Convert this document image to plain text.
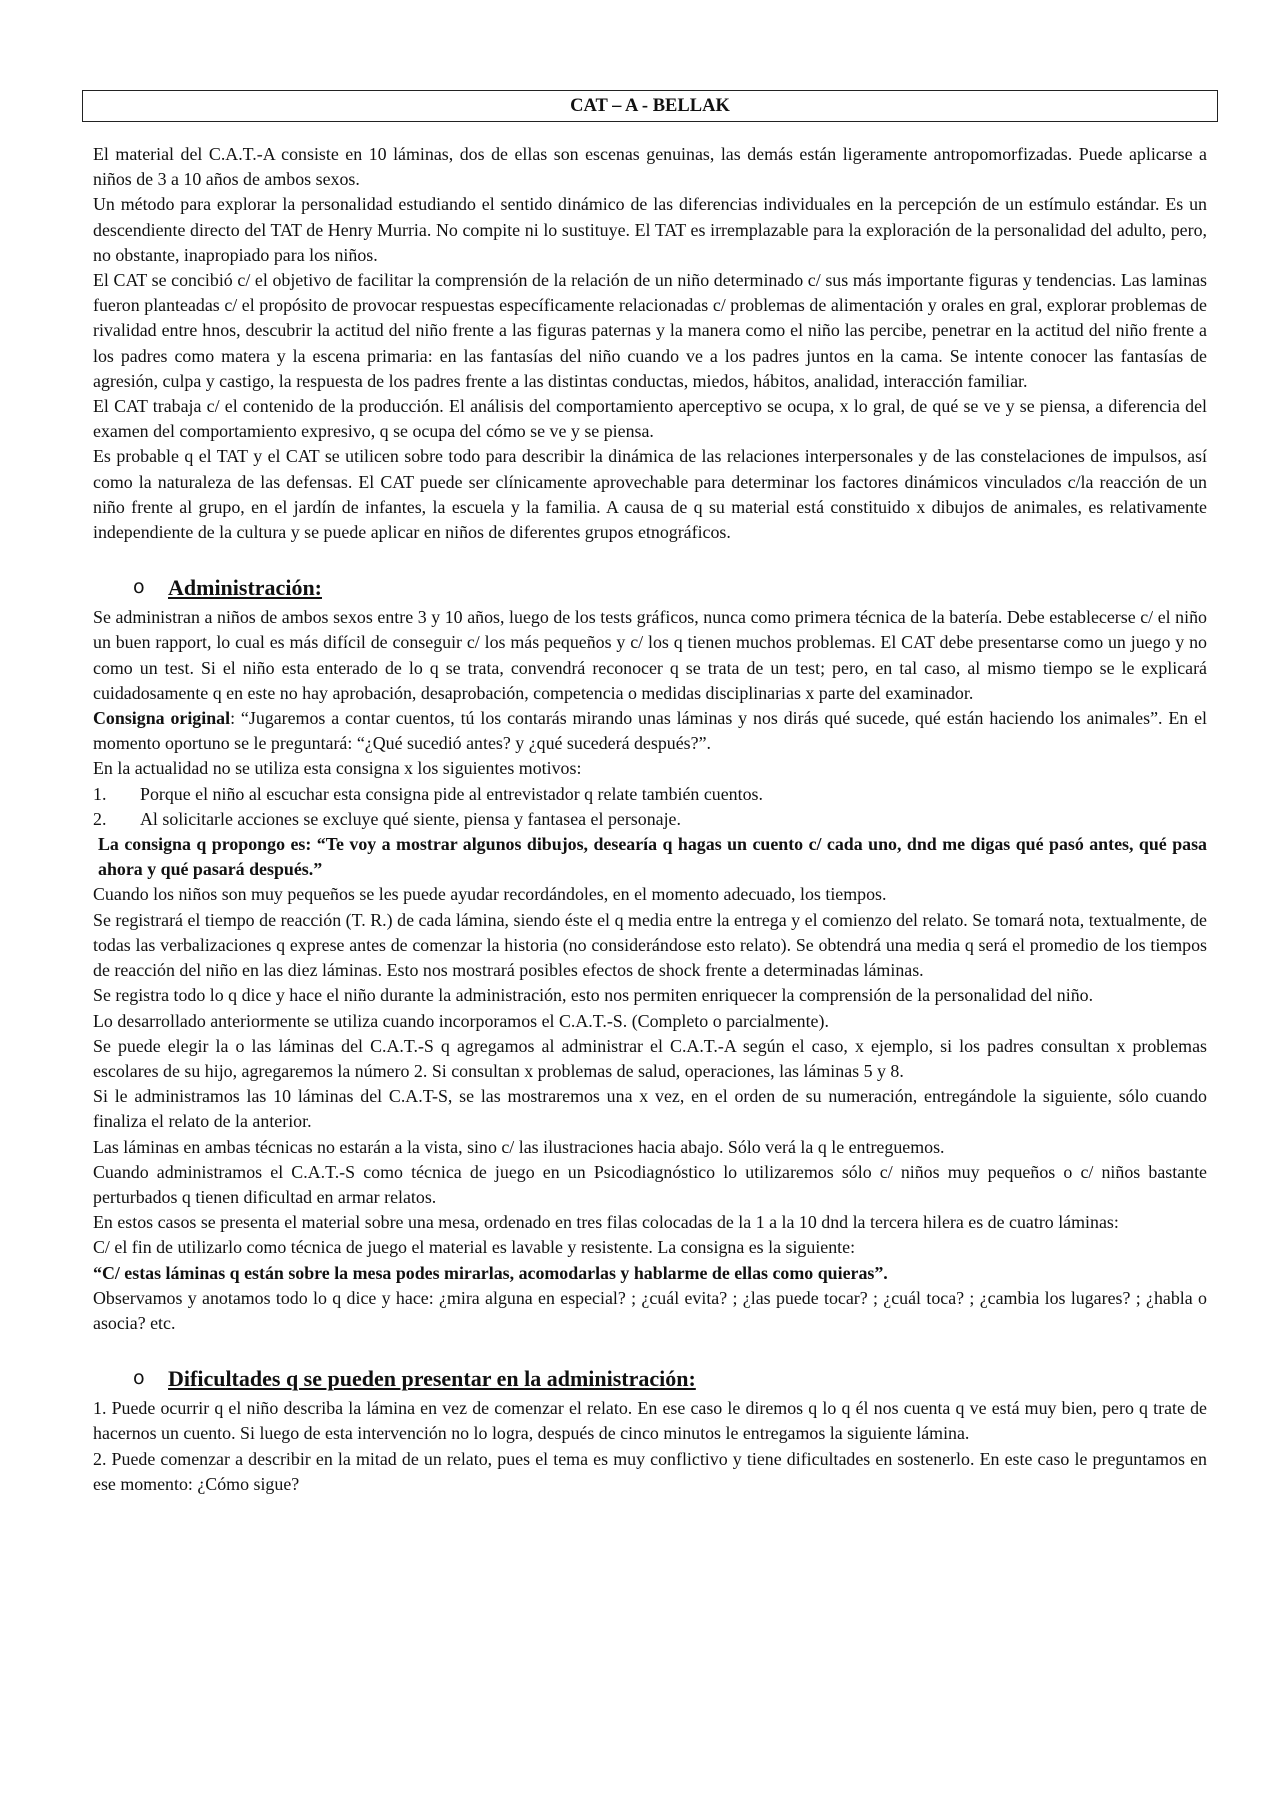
CAT – A - BELLAK

El material del C.A.T.-A consiste en 10 láminas, dos de ellas son escenas genuinas, las demás están ligeramente antropomorfizadas. Puede aplicarse a niños de 3 a 10 años de ambos sexos.

Un método para explorar la personalidad estudiando el sentido dinámico de las diferencias individuales en la percepción de un estímulo estándar. Es un descendiente directo del TAT de Henry Murria. No compite ni lo sustituye. El TAT es irremplazable para la exploración de la personalidad del adulto, pero, no obstante, inapropiado para los niños.

El CAT se concibió c/ el objetivo de facilitar la comprensión de la relación de un niño determinado c/ sus más importante figuras y tendencias. Las laminas fueron planteadas c/ el propósito de provocar respuestas específicamente relacionadas c/ problemas de alimentación y orales en gral, explorar problemas de rivalidad entre hnos, descubrir la actitud del niño frente a las figuras paternas y la manera como el niño las percibe, penetrar en la actitud del niño frente a los padres como matera y la escena primaria: en las fantasías del niño cuando ve a los padres juntos en la cama. Se intente conocer las fantasías de agresión, culpa y castigo, la respuesta de los padres frente a las distintas conductas, miedos, hábitos, analidad, interacción familiar.

El CAT trabaja c/ el contenido de la producción. El análisis del comportamiento aperceptivo se ocupa, x lo gral, de qué se ve y se piensa, a diferencia del examen del comportamiento expresivo, q se ocupa del cómo se ve y se piensa.

Es probable q el TAT y el CAT se utilicen sobre todo para describir la dinámica de las relaciones interpersonales y de las constelaciones de impulsos, así como la naturaleza de las defensas. El CAT puede ser clínicamente aprovechable para determinar los factores dinámicos vinculados c/la reacción de un niño frente al grupo, en el jardín de infantes, la escuela y la familia. A causa de q su material está constituido x dibujos de animales, es relativamente independiente de la cultura y se puede aplicar en niños de diferentes grupos etnográficos.

o Administración:

Se administran a niños de ambos sexos entre 3 y 10 años, luego de los tests gráficos, nunca como primera técnica de la batería. Debe establecerse c/ el niño un buen rapport, lo cual es más difícil de conseguir c/ los más pequeños y c/ los q tienen muchos problemas. El CAT debe presentarse como un juego y no como un test. Si el niño esta enterado de lo q se trata, convendrá reconocer q se trata de un test; pero, en tal caso, al mismo tiempo se le explicará cuidadosamente q en este no hay aprobación, desaprobación, competencia o medidas disciplinarias x parte del examinador.

Consigna original: “Jugaremos a contar cuentos, tú los contarás mirando unas láminas y nos dirás qué sucede, qué están haciendo los animales”. En el momento oportuno se le preguntará: “¿Qué sucedió antes? y ¿qué sucederá después?”.

En la actualidad no se utiliza esta consigna x los siguientes motivos:

1.	Porque el niño al escuchar esta consigna pide al entrevistador q relate también cuentos.
2.	Al solicitarle acciones se excluye qué siente, piensa y fantasea el personaje.

La consigna q propongo es: “Te voy a mostrar algunos dibujos, desearía q hagas un cuento c/ cada uno, dnd me digas qué pasó antes, qué pasa ahora y qué pasará después.”

Cuando los niños son muy pequeños se les puede ayudar recordándoles, en el momento adecuado, los tiempos.

Se registrará el tiempo de reacción (T. R.) de cada lámina, siendo éste el q media entre la entrega y el comienzo del relato. Se tomará nota, textualmente, de todas las verbalizaciones q exprese antes de comenzar la historia (no considerándose esto relato). Se obtendrá una media q será el promedio de los tiempos de reacción del niño en las diez láminas. Esto nos mostrará posibles efectos de shock frente a determinadas láminas.

Se registra todo lo q dice y hace el niño durante la administración, esto nos permiten enriquecer la comprensión de la personalidad del niño.

Lo desarrollado anteriormente se utiliza cuando incorporamos el C.A.T.-S. (Completo o parcialmente).

Se puede elegir la o las láminas del C.A.T.-S q agregamos al administrar el C.A.T.-A según el caso, x ejemplo, si los padres consultan x problemas escolares de su hijo, agregaremos la número 2. Si consultan x problemas de salud, operaciones, las láminas 5 y 8.

Si le administramos las 10 láminas del C.A.T-S, se las mostraremos una x vez, en el orden de su numeración, entregándole la siguiente, sólo cuando finaliza el relato de la anterior.

Las láminas en ambas técnicas no estarán a la vista, sino c/ las ilustraciones hacia abajo. Sólo verá la q le entreguemos.

Cuando administramos el C.A.T.-S como técnica de juego en un Psicodiagnóstico lo utilizaremos sólo c/ niños muy pequeños o c/ niños bastante perturbados q tienen dificultad en armar relatos.

En estos casos se presenta el material sobre una mesa, ordenado en tres filas colocadas de la 1 a la 10 dnd la tercera hilera es de cuatro láminas:

C/ el fin de utilizarlo como técnica de juego el material es lavable y resistente. La consigna es la siguiente:

“C/ estas láminas q están sobre la mesa podes mirarlas, acomodarlas y hablarme de ellas como quieras”.

Observamos y anotamos todo lo q dice y hace: ¿mira alguna en especial? ; ¿cuál evita? ; ¿las puede tocar? ; ¿cuál toca? ; ¿cambia los lugares? ; ¿habla o asocia? etc.

o Dificultades q se pueden presentar en la administración:

1. Puede ocurrir q el niño describa la lámina en vez de comenzar el relato. En ese caso le diremos q lo q él nos cuenta q ve está muy bien, pero q trate de hacernos un cuento. Si luego de esta intervención no lo logra, después de cinco minutos le entregamos la siguiente lámina.

2. Puede comenzar a describir en la mitad de un relato, pues el tema es muy conflictivo y tiene dificultades en sostenerlo. En este caso le preguntamos en ese momento: ¿Cómo sigue?
